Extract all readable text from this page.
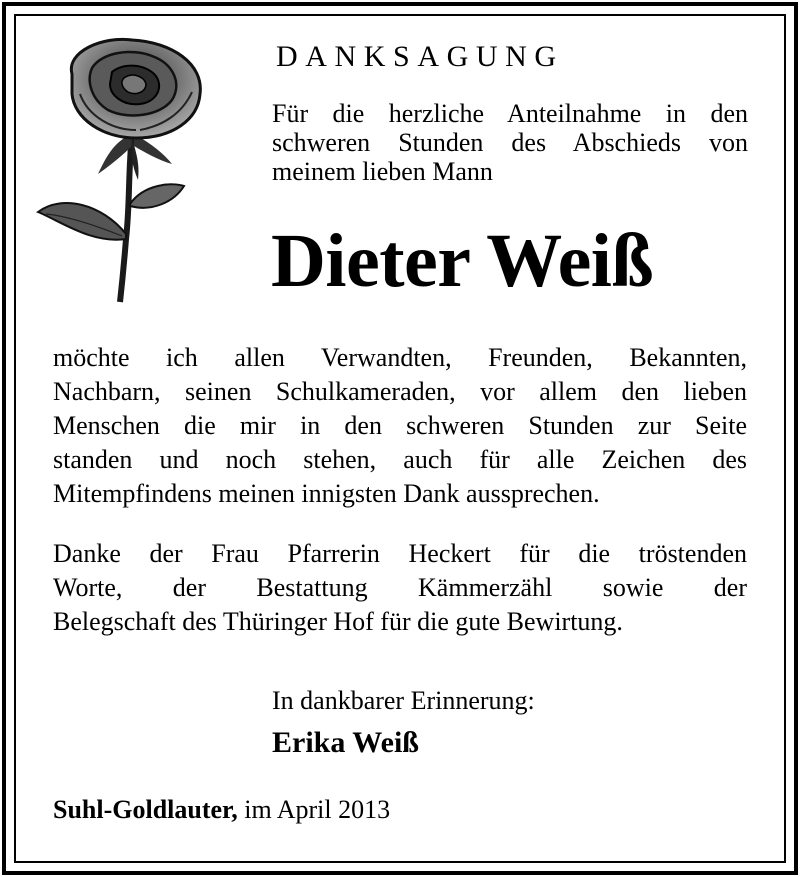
DANKSAGUNG
Für die herzliche Anteilnahme in den
schweren Stunden des Abschieds von
meinem lieben Mann
Dieter Weiß
möchte ich allen Verwandten, Freunden, Bekannten,
Nachbarn, seinen Schulkameraden, vor allem den lieben
Menschen die mir in den schweren Stunden zur Seite
standen und noch stehen, auch für alle Zeichen des
Mitempfindens meinen innigsten Dank aussprechen.
Danke der Frau Pfarrerin Heckert für die tröstenden
Worte, der Bestattung Kämmerzähl sowie der
Belegschaft des Thüringer Hof für die gute Bewirtung.
In dankbarer Erinnerung:
Erika Weiß
Suhl-Goldlauter, im April 2013
